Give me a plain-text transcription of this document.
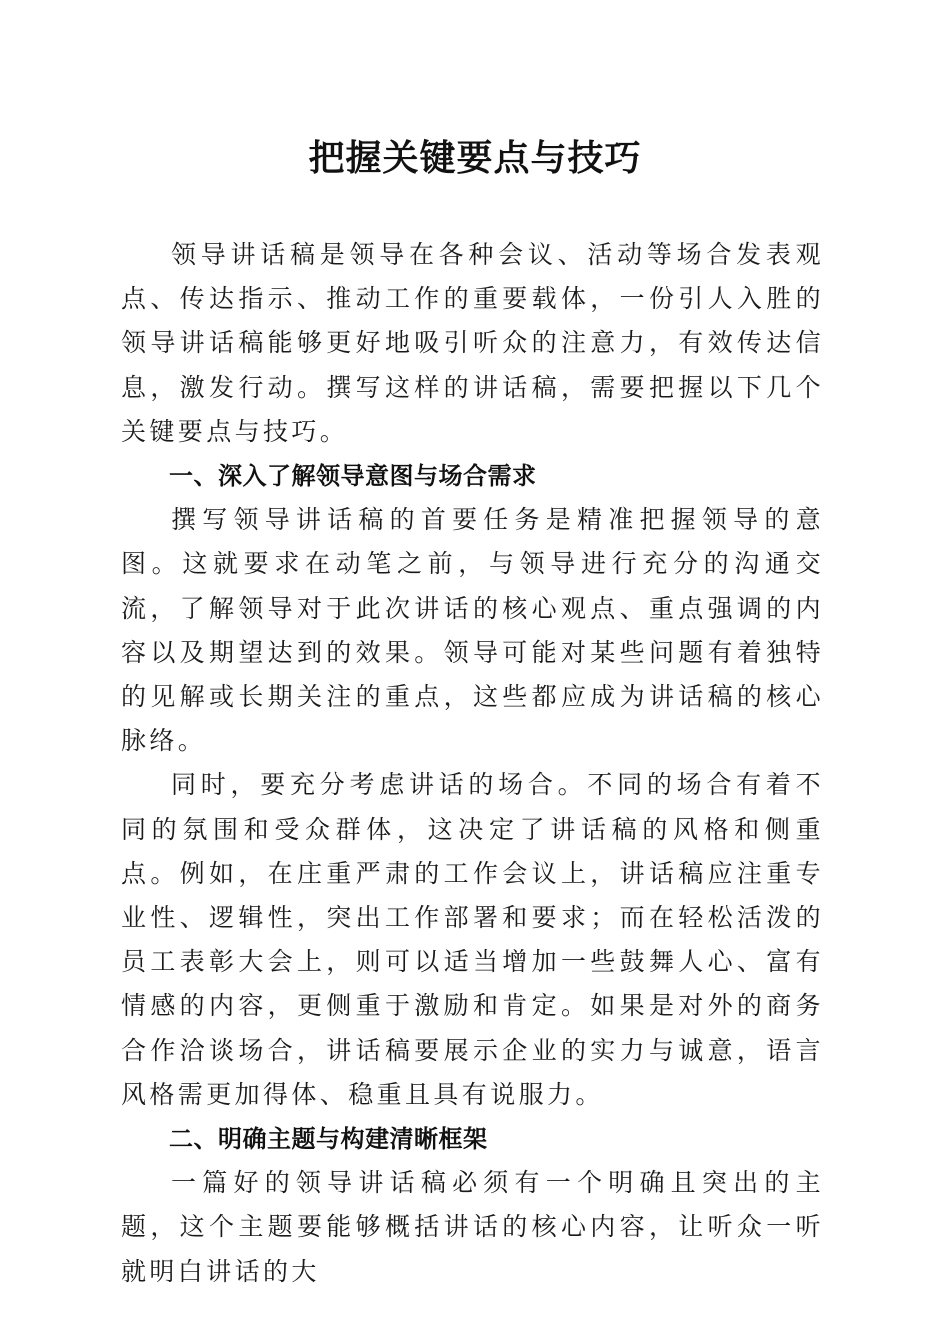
把握关键要点与技巧

领导讲话稿是领导在各种会议、活动等场合发表观点、传达指示、推动工作的重要载体，一份引人入胜的领导讲话稿能够更好地吸引听众的注意力，有效传达信息，激发行动。撰写这样的讲话稿，需要把握以下几个关键要点与技巧。

一、深入了解领导意图与场合需求

撰写领导讲话稿的首要任务是精准把握领导的意图。这就要求在动笔之前，与领导进行充分的沟通交流，了解领导对于此次讲话的核心观点、重点强调的内容以及期望达到的效果。领导可能对某些问题有着独特的见解或长期关注的重点，这些都应成为讲话稿的核心脉络。

同时，要充分考虑讲话的场合。不同的场合有着不同的氛围和受众群体，这决定了讲话稿的风格和侧重点。例如，在庄重严肃的工作会议上，讲话稿应注重专业性、逻辑性，突出工作部署和要求；而在轻松活泼的员工表彰大会上，则可以适当增加一些鼓舞人心、富有情感的内容，更侧重于激励和肯定。如果是对外的商务合作洽谈场合，讲话稿要展示企业的实力与诚意，语言风格需更加得体、稳重且具有说服力。

二、明确主题与构建清晰框架

一篇好的领导讲话稿必须有一个明确且突出的主题，这个主题要能够概括讲话的核心内容，让听众一听就明白讲话的大
